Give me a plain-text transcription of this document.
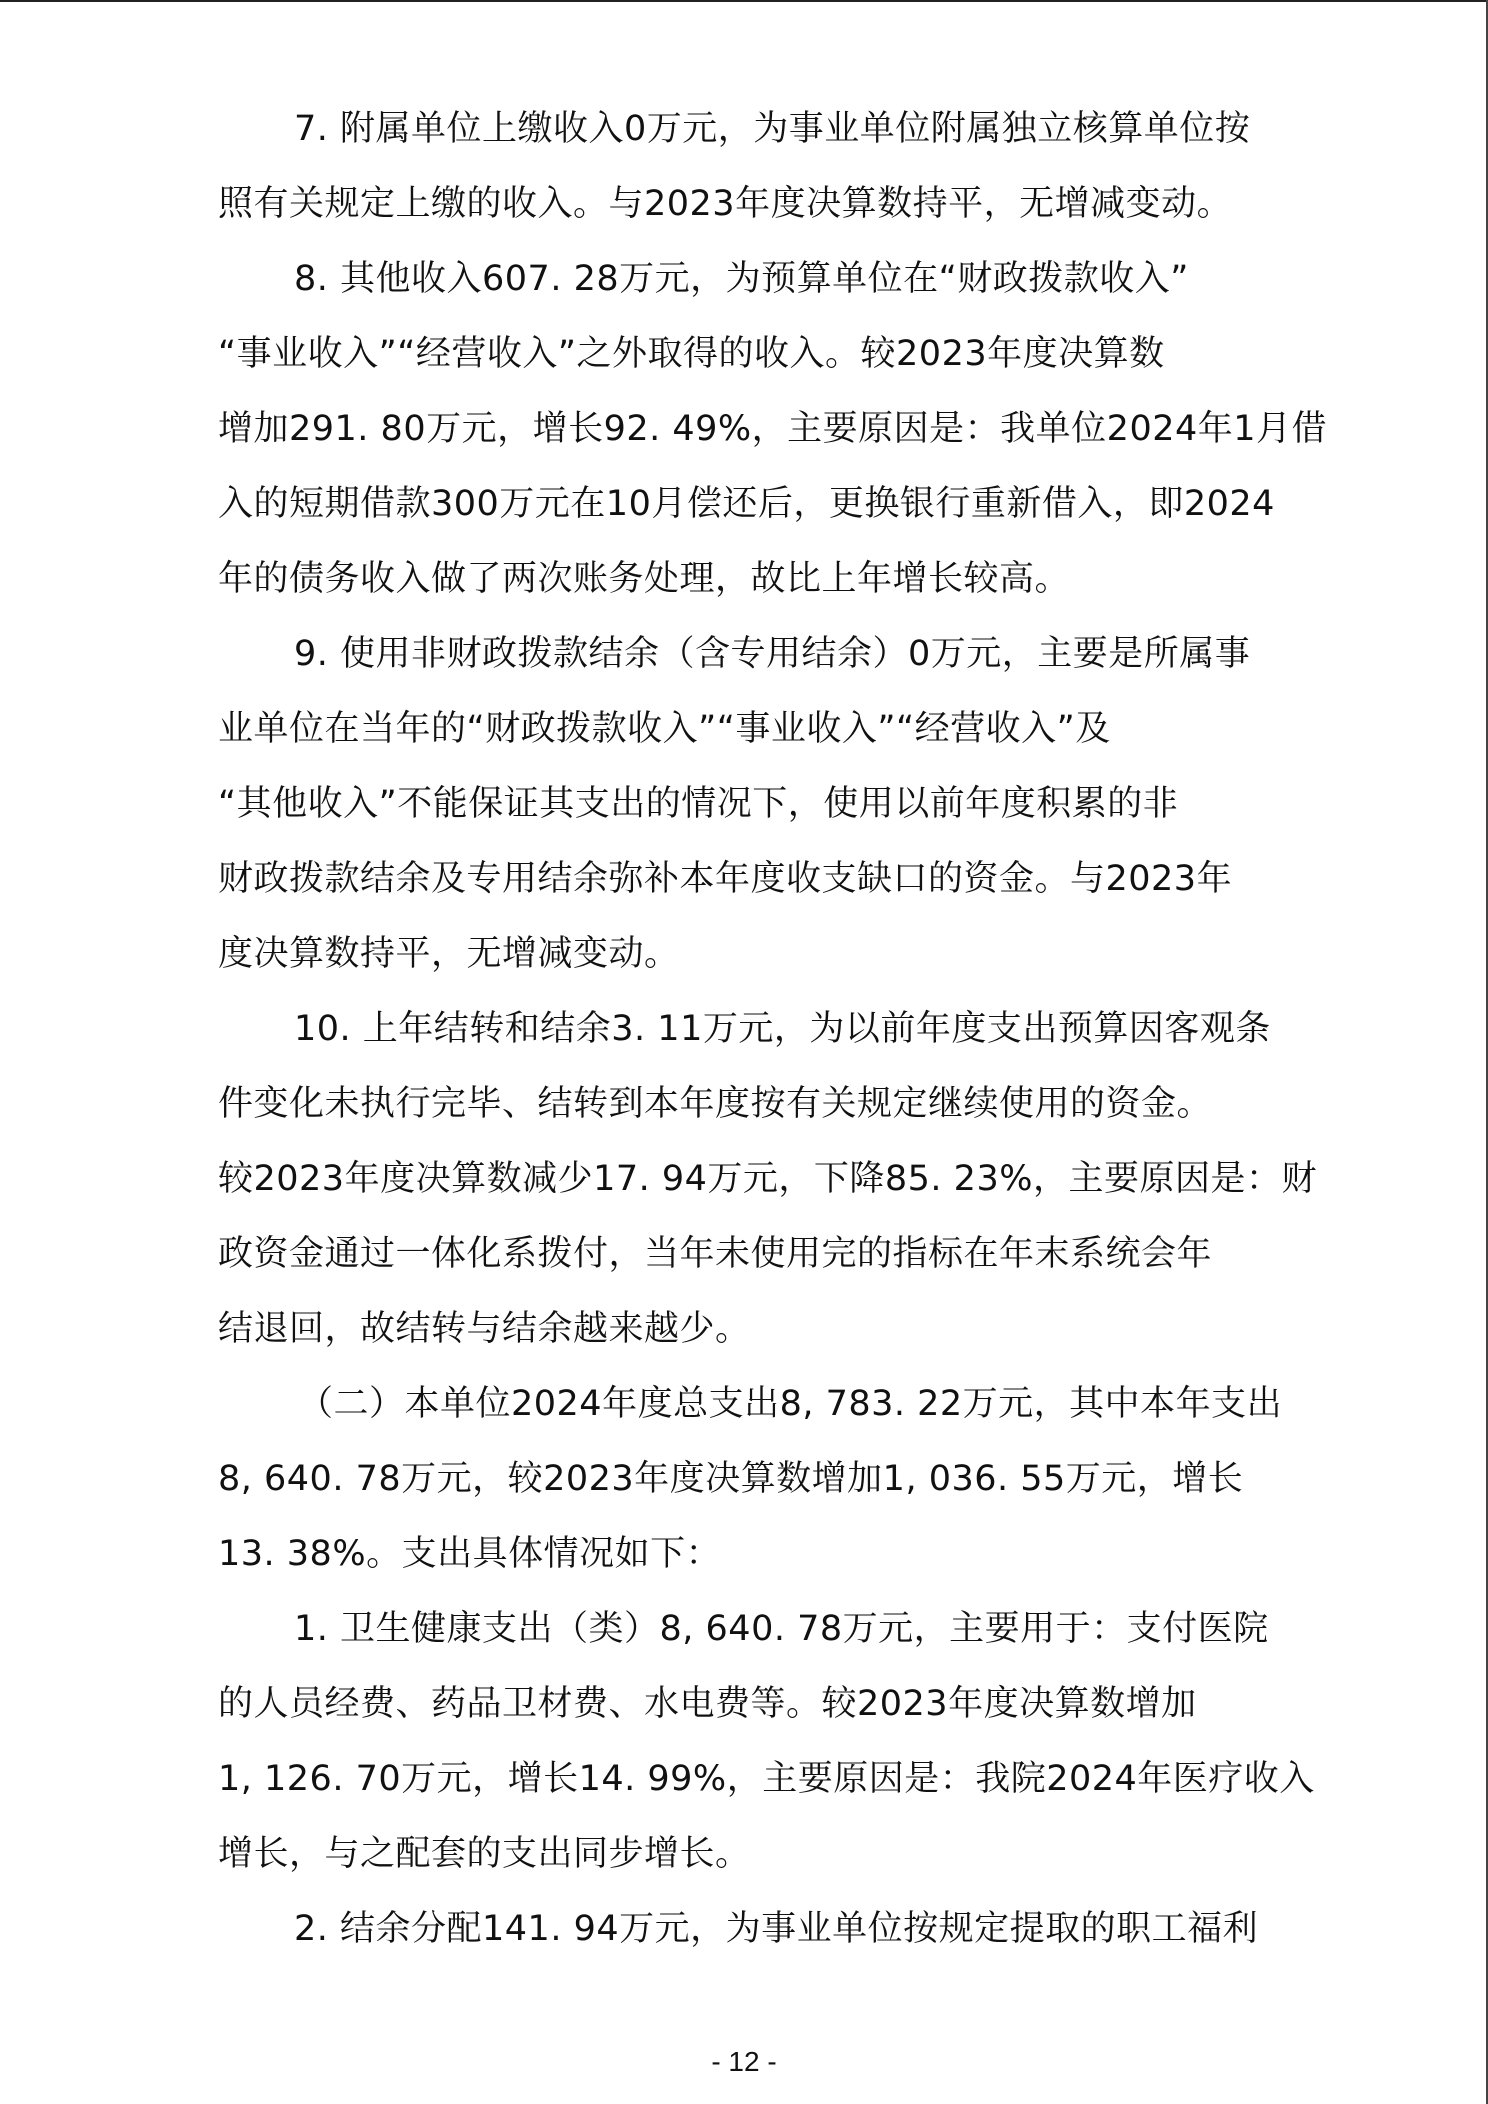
7. 附属单位上缴收入0万元，为事业单位附属独立核算单位按
照有关规定上缴的收入。与2023年度决算数持平，无增减变动。
8. 其他收入607. 28万元，为预算单位在“财政拨款收入”
“事业收入”“经营收入”之外取得的收入。较2023年度决算数
增加291. 80万元，增长92. 49%，主要原因是：我单位2024年1月借
入的短期借款300万元在10月偿还后，更换银行重新借入，即2024
年的债务收入做了两次账务处理，故比上年增长较高。
9. 使用非财政拨款结余（含专用结余）0万元，主要是所属事
业单位在当年的“财政拨款收入”“事业收入”“经营收入”及
“其他收入”不能保证其支出的情况下，使用以前年度积累的非
财政拨款结余及专用结余弥补本年度收支缺口的资金。与2023年
度决算数持平，无增减变动。
10. 上年结转和结余3. 11万元，为以前年度支出预算因客观条
件变化未执行完毕、结转到本年度按有关规定继续使用的资金。
较2023年度决算数减少17. 94万元，下降85. 23%，主要原因是：财
政资金通过一体化系拨付，当年未使用完的指标在年末系统会年
结退回，故结转与结余越来越少。
（二）本单位2024年度总支出8, 783. 22万元，其中本年支出
8, 640. 78万元，较2023年度决算数增加1, 036. 55万元，增长
13. 38%。支出具体情况如下：
1. 卫生健康支出（类）8, 640. 78万元，主要用于：支付医院
的人员经费、药品卫材费、水电费等。较2023年度决算数增加
1, 126. 70万元，增长14. 99%，主要原因是：我院2024年医疗收入
增长，与之配套的支出同步增长。
2. 结余分配141. 94万元，为事业单位按规定提取的职工福利
- 12 -
